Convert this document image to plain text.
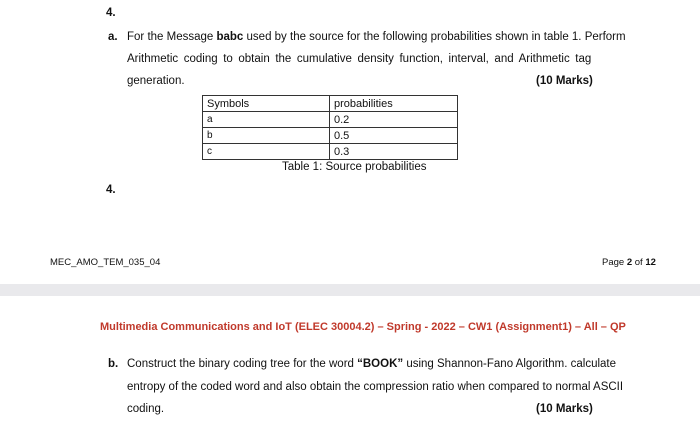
4.
a. For the Message babc used by the source for the following probabilities shown in table 1. Perform
Arithmetic coding to obtain the cumulative density function, interval, and Arithmetic tag
generation.	(10 Marks)
Symbols	probabilities
a	0.2
b	0.5
c	0.3
Table 1: Source probabilities
4.
MEC_AMO_TEM_035_04	Page 2 of 12
Multimedia Communications and IoT (ELEC 30004.2) – Spring - 2022 – CW1 (Assignment1) – All – QP
b. Construct the binary coding tree for the word “BOOK” using Shannon-Fano Algorithm. calculate
entropy of the coded word and also obtain the compression ratio when compared to normal ASCII
coding.	(10 Marks)
